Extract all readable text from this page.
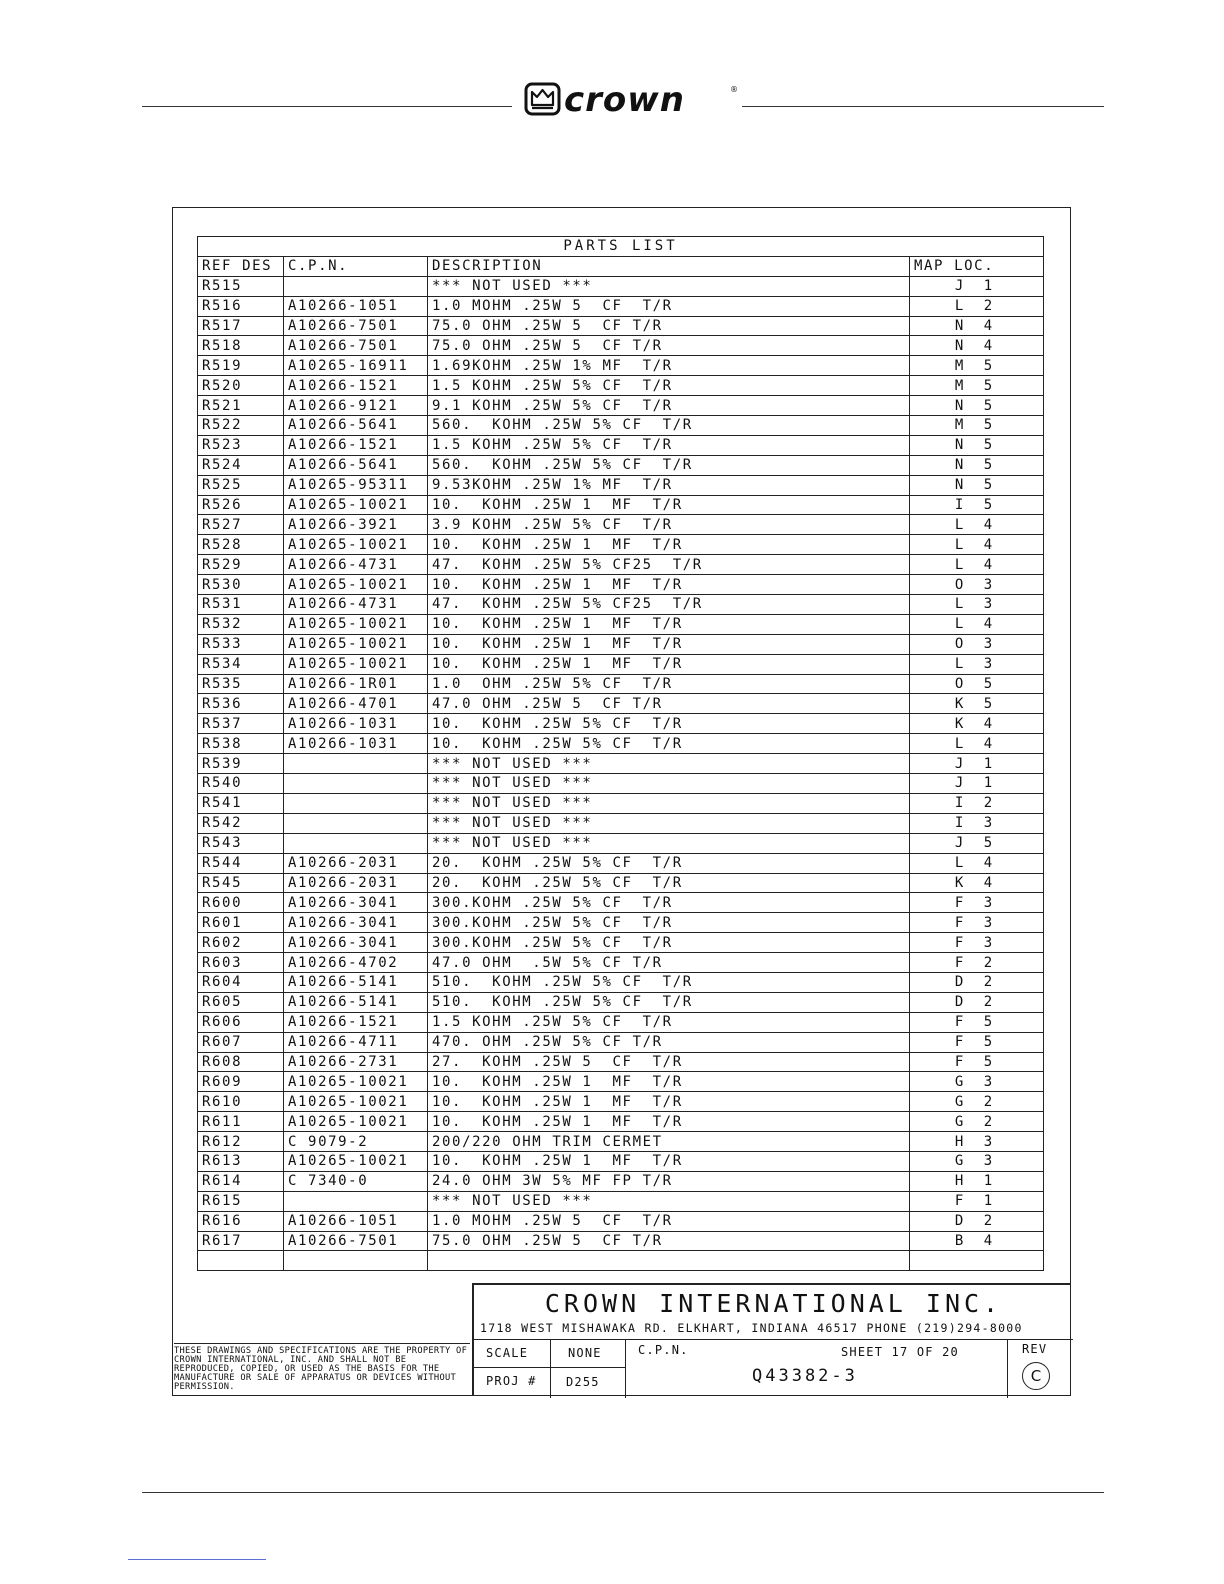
crown	®
PARTS LIST			
REF DES	C.P.N.	DESCRIPTION	MAP LOC.
R515		*** NOT USED ***	J 1
R516	A10266-1051	1.0 MOHM .25W 5  CF  T/R	L 2
R517	A10266-7501	75.0 OHM .25W 5  CF T/R	N 4
R518	A10266-7501	75.0 OHM .25W 5  CF T/R	N 4
R519	A10265-16911	1.69KOHM .25W 1% MF  T/R	M 5
R520	A10266-1521	1.5 KOHM .25W 5% CF  T/R	M 5
R521	A10266-9121	9.1 KOHM .25W 5% CF  T/R	N 5
R522	A10266-5641	560.  KOHM .25W 5% CF  T/R	M 5
R523	A10266-1521	1.5 KOHM .25W 5% CF  T/R	N 5
R524	A10266-5641	560.  KOHM .25W 5% CF  T/R	N 5
R525	A10265-95311	9.53KOHM .25W 1% MF  T/R	N 5
R526	A10265-10021	10.  KOHM .25W 1  MF  T/R	I 5
R527	A10266-3921	3.9 KOHM .25W 5% CF  T/R	L 4
R528	A10265-10021	10.  KOHM .25W 1  MF  T/R	L 4
R529	A10266-4731	47.  KOHM .25W 5% CF25  T/R	L 4
R530	A10265-10021	10.  KOHM .25W 1  MF  T/R	O 3
R531	A10266-4731	47.  KOHM .25W 5% CF25  T/R	L 3
R532	A10265-10021	10.  KOHM .25W 1  MF  T/R	L 4
R533	A10265-10021	10.  KOHM .25W 1  MF  T/R	O 3
R534	A10265-10021	10.  KOHM .25W 1  MF  T/R	L 3
R535	A10266-1R01	1.0  OHM .25W 5% CF  T/R	O 5
R536	A10266-4701	47.0 OHM .25W 5  CF T/R	K 5
R537	A10266-1031	10.  KOHM .25W 5% CF  T/R	K 4
R538	A10266-1031	10.  KOHM .25W 5% CF  T/R	L 4
R539		*** NOT USED ***	J 1
R540		*** NOT USED ***	J 1
R541		*** NOT USED ***	I 2
R542		*** NOT USED ***	I 3
R543		*** NOT USED ***	J 5
R544	A10266-2031	20.  KOHM .25W 5% CF  T/R	L 4
R545	A10266-2031	20.  KOHM .25W 5% CF  T/R	K 4
R600	A10266-3041	300.KOHM .25W 5% CF  T/R	F 3
R601	A10266-3041	300.KOHM .25W 5% CF  T/R	F 3
R602	A10266-3041	300.KOHM .25W 5% CF  T/R	F 3
R603	A10266-4702	47.0 OHM  .5W 5% CF T/R	F 2
R604	A10266-5141	510.  KOHM .25W 5% CF  T/R	D 2
R605	A10266-5141	510.  KOHM .25W 5% CF  T/R	D 2
R606	A10266-1521	1.5 KOHM .25W 5% CF  T/R	F 5
R607	A10266-4711	470. OHM .25W 5% CF T/R	F 5
R608	A10266-2731	27.  KOHM .25W 5  CF  T/R	F 5
R609	A10265-10021	10.  KOHM .25W 1  MF  T/R	G 3
R610	A10265-10021	10.  KOHM .25W 1  MF  T/R	G 2
R611	A10265-10021	10.  KOHM .25W 1  MF  T/R	G 2
R612	C 9079-2	200/220 OHM TRIM CERMET	H 3
R613	A10265-10021	10.  KOHM .25W 1  MF  T/R	G 3
R614	C 7340-0	24.0 OHM 3W 5% MF FP T/R	H 1
R615		*** NOT USED ***	F 1
R616	A10266-1051	1.0 MOHM .25W 5  CF  T/R	D 2
R617	A10266-7501	75.0 OHM .25W 5  CF T/R	B 4

CROWN INTERNATIONAL INC.
1718 WEST MISHAWAKA RD. ELKHART, INDIANA 46517 PHONE (219)294-8000
SCALE	NONE
PROJ # D255
C.P.N.	SHEET 17 OF 20	REV
C
Q43382-3
THESE DRAWINGS AND SPECIFICATIONS ARE THE PROPERTY OF CROWN INTERNATIONAL, INC. AND SHALL NOT BE REPRODUCED, COPIED, OR USED AS THE BASIS FOR THE MANUFACTURE OR SALE OF APPARATUS OR DEVICES WITHOUT PERMISSION.
